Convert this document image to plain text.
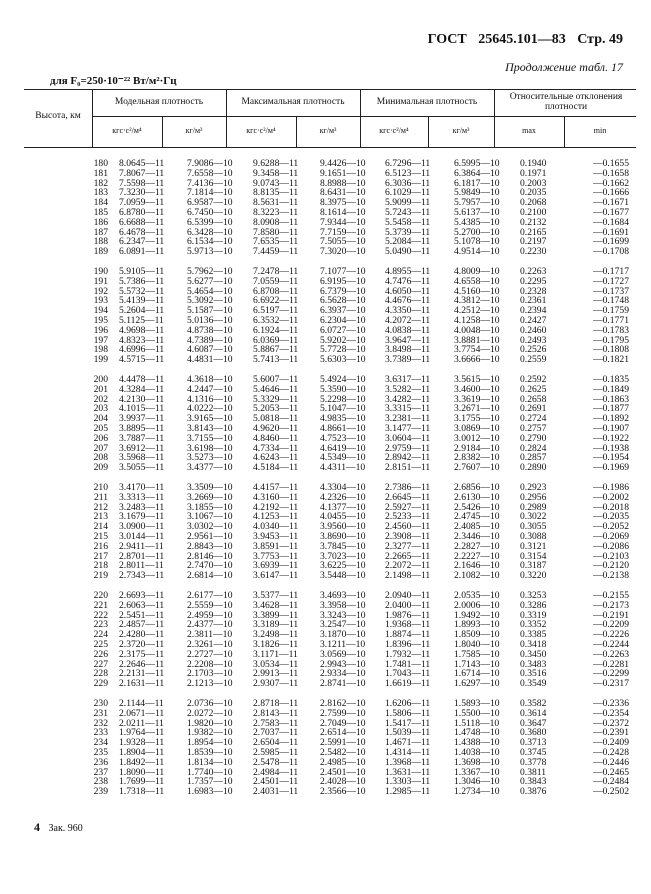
ГОСТ 25645.101—83 Стр. 49
Продолжение табл. 17
для F₀=250·10⁻²² Вт/м²·Гц
Высота, км
Модельная плотность	Максимальная плотность	Минимальная плотность	Относительные отклонения плотности
кгс·с²/м⁴	кг/м³	кгс·с²/м⁴	кг/м³	кгс·с²/м⁴	кг/м³	max	min
180 8.0645—11 7.9086—10 9.6288—11 9.4426—10 6.7296—11 6.5995—10 0.1940	—0.1655
181 7.8067—11 7.6558—10 9.3458—11 9.1651—10 6.5123—11 6.3864—10 0.1971	—0.1658
182 7.5598—11 7.4136—10 9.0743—11 8.8988—10 6.3036—11 6.1817—10 0.2003	—0.1662
183 7.3230—11 7.1814—10 8.8135—11 8.6431—10 6.1029—11 5.9849—10 0.2035	—0.1666
184 7.0959—11 6.9587—10 8.5631—11 8.3975—10 5.9099—11 5.7957—10 0.2068	—0.1671
185 6.8780—11 6.7450—10 8.3223—11 8.1614—10 5.7243—11 5.6137—10 0.2100	—0.1677
186 6.6688—11 6.5399—10 8.0908—11 7.9344—10 5.5458—11 5.4385—10 0.2132	—0.1684
187 6.4678—11 6.3428—10 7.8580—11 7.7159—10 5.3739—11 5.2700—10 0.2165	—0.1691
188 6.2347—11 6.1534—10 7.6535—11 7.5055—10 5.2084—11 5.1078—10 0.2197	—0.1699
189 6.0891—11 5.9713—10 7.4459—11 7.3020—10 5.0490—11 4.9514—10 0.2230	—0.1708
190 5.9105—11 5.7962—10 7.2478—11 7.1077—10 4.8955—11 4.8009—10 0.2263	—0.1717
191 5.7386—11 5.6277—10 7.0559—11 6.9195—10 4.7476—11 4.6558—10 0.2295	—0.1727
192 5.5732—11 5.4654—10 6.8708—11 6.7379—10 4.6050—11 4.5160—10 0.2328	—0.1737
193 5.4139—11 5.3092—10 6.6922—11 6.5628—10 4.4676—11 4.3812—10 0.2361	—0.1748
194 5.2604—11 5.1587—10 6.5197—11 6.3937—10 4.3350—11 4.2512—10 0.2394	—0.1759
195 5.1125—11 5.0136—10 6.3532—11 6.2304—10 4.2072—11 4.1258—10 0.2427	—0.1771
196 4.9698—11 4.8738—10 6.1924—11 6.0727—10 4.0838—11 4.0048—10 0.2460	—0.1783
197 4.8323—11 4.7389—10 6.0369—11 5.9202—10 3.9647—11 3.8881—10 0.2493	—0.1795
198 4.6996—11 4.6087—10 5.8867—11 5.7728—10 3.8498—11 3.7754—10 0.2526	—0.1808
199 4.5715—11 4.4831—10 5.7413—11 5.6303—10 3.7389—11 3.6666—10 0.2559	—0.1821
200 4.4478—11 4.3618—10 5.6007—11 5.4924—10 3.6317—11 3.5615—10 0.2592	—0.1835
201 4.3284—11 4.2447—10 5.4646—11 5.3590—10 3.5282—11 3.4600—10 0.2625	—0.1849
202 4.2130—11 4.1316—10 5.3329—11 5.2298—10 3.4282—11 3.3619—10 0.2658	—0.1863
203 4.1015—11 4.0222—10 5.2053—11 5.1047—10 3.3315—11 3.2671—10 0.2691	—0.1877
204 3.9937—11 3.9165—10 5.0818—11 4.9835—10 3.2381—11 3.1755—10 0.2724	—0.1892
205 3.8895—11 3.8143—10 4.9620—11 4.8661—10 3.1477—11 3.0869—10 0.2757	—0.1907
206 3.7887—11 3.7155—10 4.8460—11 4.7523—10 3.0604—11 3.0012—10 0.2790	—0.1922
207 3.6912—11 3.6198—10 4.7334—11 4.6419—10 2.9759—11 2.9184—10 0.2824	—0.1938
208 3.5968—11 3.5273—10 4.6243—11 4.5349—10 2.8942—11 2.8382—10 0.2857	—0.1954
209 3.5055—11 3.4377—10 4.5184—11 4.4311—10 2.8151—11 2.7607—10 0.2890	—0.1969
210 3.4170—11 3.3509—10 4.4157—11 4.3304—10 2.7386—11 2.6856—10 0.2923	—0.1986
211 3.3313—11 3.2669—10 4.3160—11 4.2326—10 2.6645—11 2.6130—10 0.2956	—0.2002
212 3.2483—11 3.1855—10 4.2192—11 4.1377—10 2.5927—11 2.5426—10 0.2989	—0.2018
213 3.1679—11 3.1067—10 4.1253—11 4.0455—10 2.5233—11 2.4745—10 0.3022	—0.2035
214 3.0900—11 3.0302—10 4.0340—11 3.9560—10 2.4560—11 2.4085—10 0.3055	—0.2052
215 3.0144—11 2.9561—10 3.9453—11 3.8690—10 2.3908—11 2.3446—10 0.3088	—0.2069
216 2.9411—11 2.8843—10 3.8591—11 3.7845—10 2.3277—11 2.2827—10 0.3121	—0.2086
217 2.8701—11 2.8146—10 3.7753—11 3.7023—10 2.2665—11 2.2227—10 0.3154	—0.2103
218 2.8011—11 2.7470—10 3.6939—11 3.6225—10 2.2072—11 2.1646—10 0.3187	—0.2120
219 2.7343—11 2.6814—10 3.6147—11 3.5448—10 2.1498—11 2.1082—10 0.3220	—0.2138
220 2.6693—11 2.6177—10 3.5377—11 3.4693—10 2.0940—11 2.0535—10 0.3253	—0.2155
221 2.6063—11 2.5559—10 3.4628—11 3.3958—10 2.0400—11 2.0006—10 0.3286	—0.2173
222 2.5451—11 2.4959—10 3.3899—11 3.3243—10 1.9876—11 1.9492—10 0.3319	—0.2191
223 2.4857—11 2.4377—10 3.3189—11 3.2547—10 1.9368—11 1.8993—10 0.3352	—0.2209
224 2.4280—11 2.3811—10 3.2498—11 3.1870—10 1.8874—11 1.8509—10 0.3385	—0.2226
225 2.3720—11 2.3261—10 3.1826—11 3.1211—10 1.8396—11 1.8040—10 0.3418	—0.2244
226 2.3175—11 2.2727—10 3.1171—11 3.0569—10 1.7932—11 1.7585—10 0.3450	—0.2263
227 2.2646—11 2.2208—10 3.0534—11 2.9943—10 1.7481—11 1.7143—10 0.3483	—0.2281
228 2.2131—11 2.1703—10 2.9913—11 2.9334—10 1.7043—11 1.6714—10 0.3516	—0.2299
229 2.1631—11 2.1213—10 2.9307—11 2.8741—10 1.6619—11 1.6297—10 0.3549	—0.2317
230 2.1144—11 2.0736—10 2.8718—11 2.8162—10 1.6206—11 1.5893—10 0.3582	—0.2336
231 2.0671—11 2.0272—10 2.8143—11 2.7599—10 1.5806—11 1.5500—10 0.3614	—0.2354
232 2.0211—11 1.9820—10 2.7583—11 2.7049—10 1.5417—11 1.5118—10 0.3647	—0.2372
233 1.9764—11 1.9382—10 2.7037—11 2.6514—10 1.5039—11 1.4748—10 0.3680	—0.2391
234 1.9328—11 1.8954—10 2.6504—11 2.5991—10 1.4671—11 1.4388—10 0.3713	—0.2409
235 1.8904—11 1.8539—10 2.5985—11 2.5482—10 1.4314—11 1.4038—10 0.3745	—0.2428
236 1.8492—11 1.8134—10 2.5478—11 2.4985—10 1.3968—11 1.3698—10 0.3778	—0.2446
237 1.8090—11 1.7740—10 2.4984—11 2.4501—10 1.3631—11 1.3367—10 0.3811	—0.2465
238 1.7699—11 1.7357—10 2.4501—11 2.4028—10 1.3303—11 1.3046—10 0.3843	—0.2484
239 1.7318—11 1.6983—10 2.4031—11 2.3566—10 1.2985—11 1.2734—10 0.3876	—0.2502
4 Зак. 960
